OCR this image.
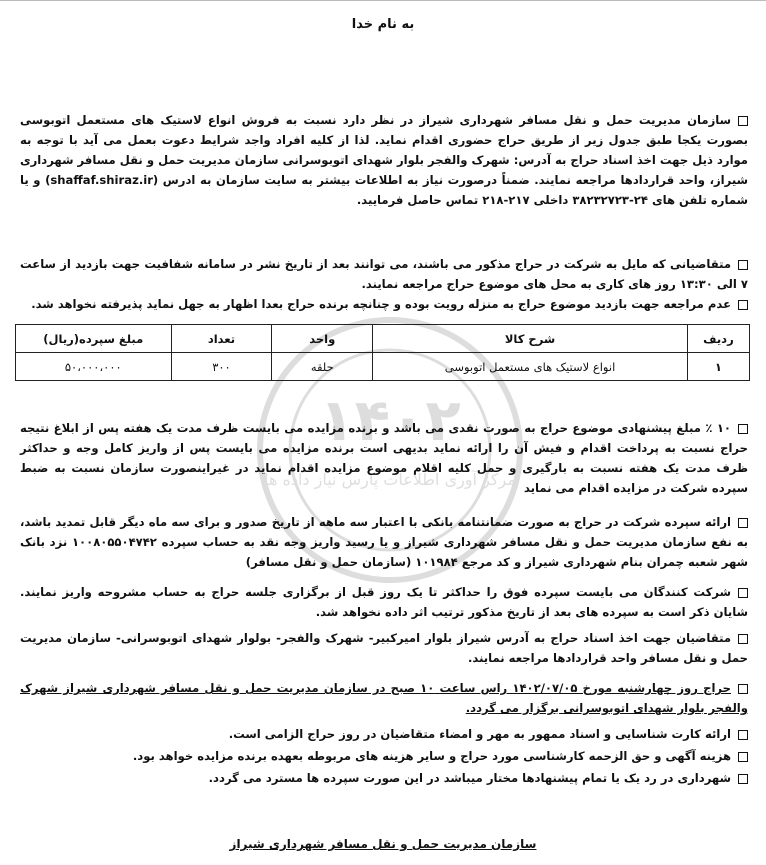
به نام خدا
۱۴۰۲
مرکز آوری اطلاعات پارس نیاز داده ها
سازمان مدیریت حمل و نقل مسافر شهرداری شیراز در نظر دارد نسبت به فروش انواع لاستیک های مستعمل اتوبوسی بصورت یکجا طبق جدول زیر از طریق حراج حضوری اقدام نماید. لذا از کلیه افراد واجد شرایط دعوت بعمل می آید با توجه به موارد ذیل جهت اخذ اسناد حراج به آدرس: شهرک والفجر بلوار شهدای اتوبوسرانی سازمان مدیریت حمل و نقل مسافر شهرداری شیراز، واحد قراردادها مراجعه نمایند. ضمناً درصورت نیاز به اطلاعات بیشتر به سایت سازمان به ادرس (shaffaf.shiraz.ir) و یا شماره تلفن های ۲۴-۳۸۲۳۲۷۲۳ داخلی ۲۱۷-۲۱۸ تماس حاصل فرمایید.
متقاضیانی که مایل به شرکت در حراج مذکور می باشند، می توانند بعد از تاریخ نشر در سامانه شفافیت جهت بازدید از ساعت ۷ الی ۱۳:۳۰ روز های کاری به محل های موضوع حراج مراجعه نمایند.
عدم مراجعه جهت بازدید موضوع حراج به منزله رویت بوده و چنانچه برنده حراج بعدا اظهار به جهل نماید پذیرفته نخواهد شد.
ردیف	شرح کالا	واحد	تعداد	مبلغ سپرده(ریال)
۱	انواع لاستیک های مستعمل اتوبوسی	حلقه	۳۰۰	۵۰،۰۰۰،۰۰۰
۱۰ ٪ مبلغ پیشنهادی موضوع حراج به صورت نقدی می باشد و برنده مزایده می بایست ظرف مدت یک هفته پس از ابلاغ نتیجه حراج نسبت به پرداخت اقدام و فیش آن را ارائه نماید بدیهی است برنده مزایده می بایست پس از واریز کامل وجه و حداکثر ظرف مدت یک هفته نسبت به بارگیری و حمل کلیه اقلام موضوع مزایده اقدام نماید در غیراینصورت سازمان نسبت به ضبط سپرده شرکت در مزایده اقدام می نماید
ارائه سپرده شرکت در حراج به صورت ضمانتنامه بانکی با اعتبار سه ماهه از تاریخ صدور و برای سه ماه دیگر قابل تمدید باشد، به نفع سازمان مدیریت حمل و نقل مسافر شهرداری شیراز و یا رسید واریز وجه نقد به حساب سپرده ۱۰۰۸۰۵۵۰۴۷۴۲ نزد بانک شهر شعبه چمران بنام شهرداری شیراز و کد مرجع ۱۰۱۹۸۴ (سازمان حمل و نقل مسافر)
شرکت کنندگان می بایست سپرده فوق را حداکثر تا یک روز قبل از برگزاری جلسه حراج به حساب مشروحه واریز نمایند. شایان ذکر است به سپرده های بعد از تاریخ مذکور ترتیب اثر داده نخواهد شد.
متقاضیان جهت اخذ اسناد حراج به آدرس شیراز بلوار امیرکبیر- شهرک والفجر- بولوار شهدای اتوبوسرانی- سازمان مدیریت حمل و نقل مسافر واحد قراردادها مراجعه نمایند.
حراج روز چهارشنبه مورخ ۱۴۰۲/۰۷/۰۵ راس ساعت ۱۰ صبح در سازمان مدیریت حمل و نقل مسافر شهرداری شیراز شهرک والفجر بلوار شهدای اتوبوسرانی برگزار می گردد.
ارائه کارت شناسایی و اسناد ممهور به مهر و امضاء متقاضیان در روز حراج الزامی است.
هزینه آگهی و حق الزحمه کارشناسی مورد حراج و سایر هزینه های مربوطه بعهده برنده مزایده خواهد بود.
شهرداری در رد یک یا تمام پیشنهادها مختار میباشد در این صورت سپرده ها مسترد می گردد.
سازمان مدیریت حمل و نقل مسافر شهرداری شیراز
